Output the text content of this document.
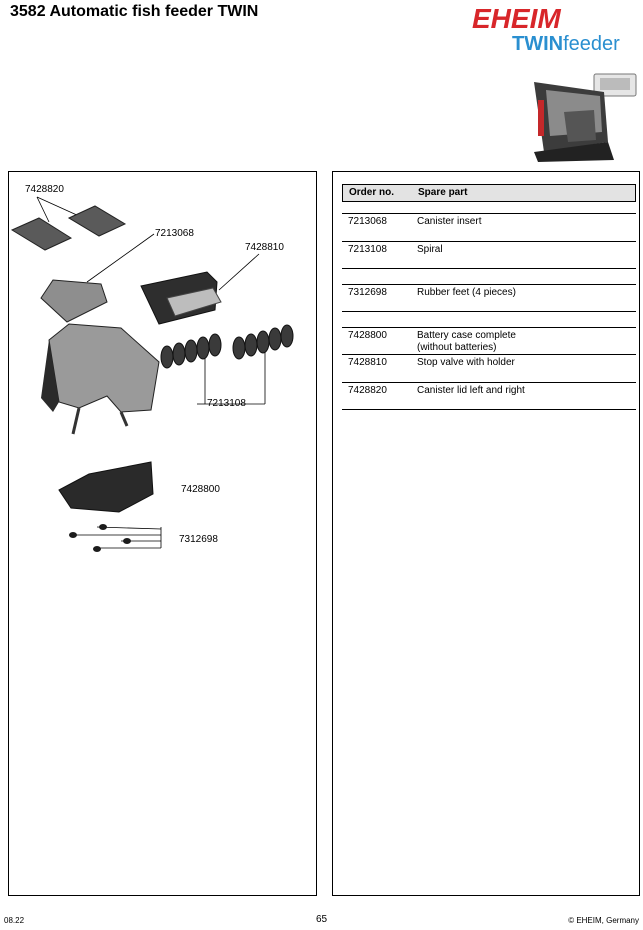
3582 Automatic fish feeder TWIN	EHEIM
TWINfeeder
7428820
7213068
7428810
7213108
7428800
7312698
Order no. Spare part
7213068	Canister insert
7213108	Spiral
7312698	Rubber feet (4 pieces)
7428800	Battery case complete
(without batteries)
7428810	Stop valve with holder
7428820	Canister lid left and right
08.22	65	© EHEIM, Germany
